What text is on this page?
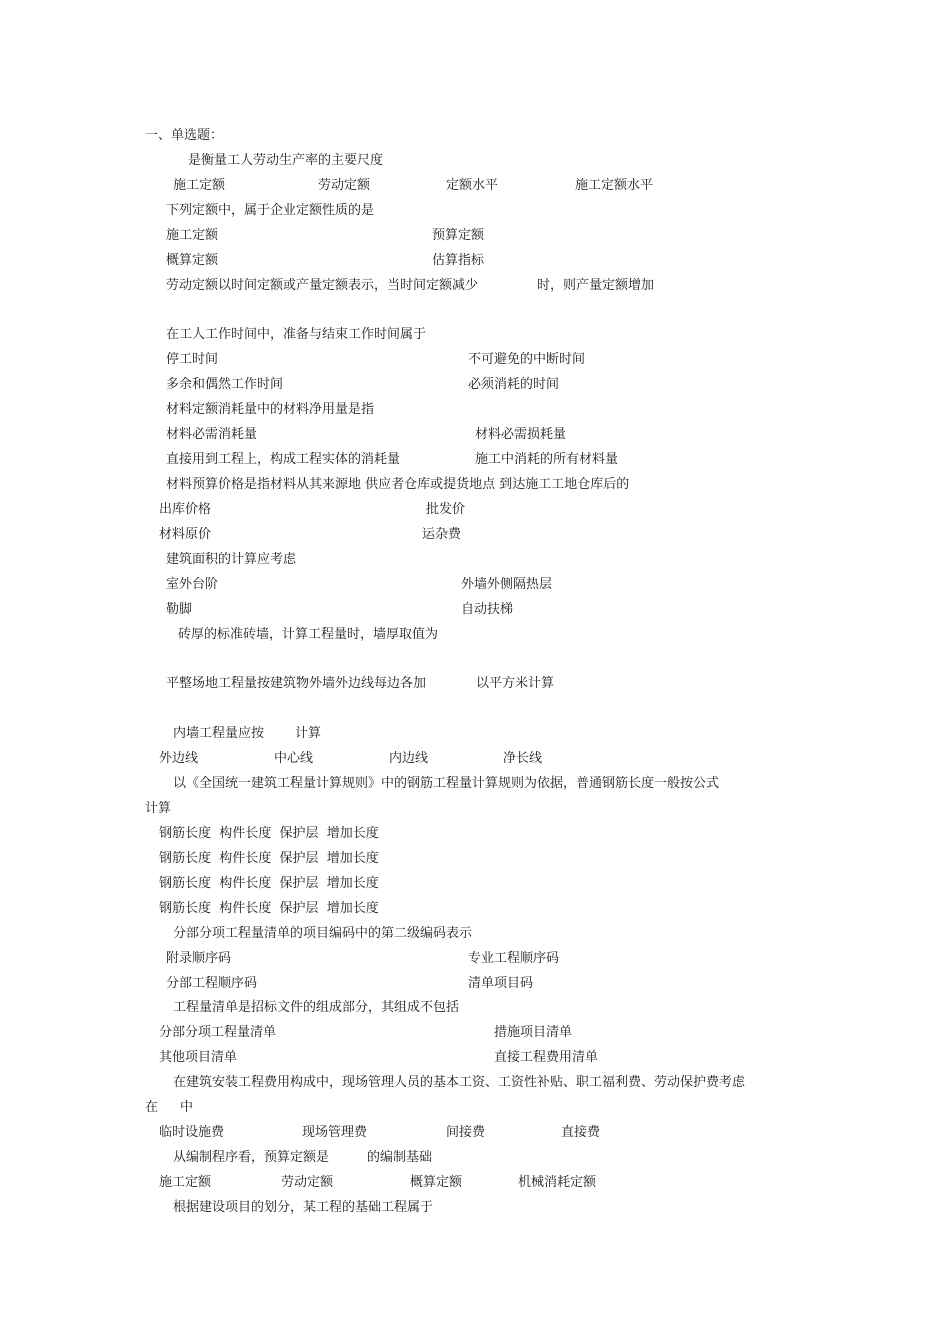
一、单选题：
是衡量工人劳动生产率的主要尺度
施工定额	劳动定额	定额水平	施工定额水平
下列定额中，属于企业定额性质的是
施工定额	预算定额
概算定额	估算指标
劳动定额以时间定额或产量定额表示，当时间定额减少	时，则产量定额增加
在工人工作时间中，准备与结束工作时间属于
停工时间	不可避免的中断时间
多余和偶然工作时间	必须消耗的时间
材料定额消耗量中的材料净用量是指
材料必需消耗量	材料必需损耗量
直接用到工程上，构成工程实体的消耗量	施工中消耗的所有材料量
材料预算价格是指材料从其来源地 供应者仓库或提货地点 到达施工工地仓库后的
出库价格	批发价
材料原价	运杂费
建筑面积的计算应考虑
室外台阶	外墙外侧隔热层
勒脚	自动扶梯
砖厚的标准砖墙，计算工程量时，墙厚取值为
平整场地工程量按建筑物外墙外边线每边各加	以平方米计算
内墙工程量应按 计算
外边线	中心线	内边线	净长线
以《全国统一建筑工程量计算规则》中的钢筋工程量计算规则为依据，普通钢筋长度一般按公式
计算
钢筋长度  构件长度  保护层  增加长度
钢筋长度  构件长度  保护层  增加长度
钢筋长度  构件长度  保护层  增加长度
钢筋长度  构件长度  保护层  增加长度
分部分项工程量清单的项目编码中的第二级编码表示
附录顺序码	专业工程顺序码
分部工程顺序码	清单项目码
工程量清单是招标文件的组成部分，其组成不包括
分部分项工程量清单	措施项目清单
其他项目清单	直接工程费用清单
在建筑安装工程费用构成中，现场管理人员的基本工资、工资性补贴、职工福利费、劳动保护费考虑
在 中
临时设施费	现场管理费	间接费	直接费
从编制程序看，预算定额是	的编制基础
施工定额	劳动定额	概算定额	机械消耗定额
根据建设项目的划分，某工程的基础工程属于
